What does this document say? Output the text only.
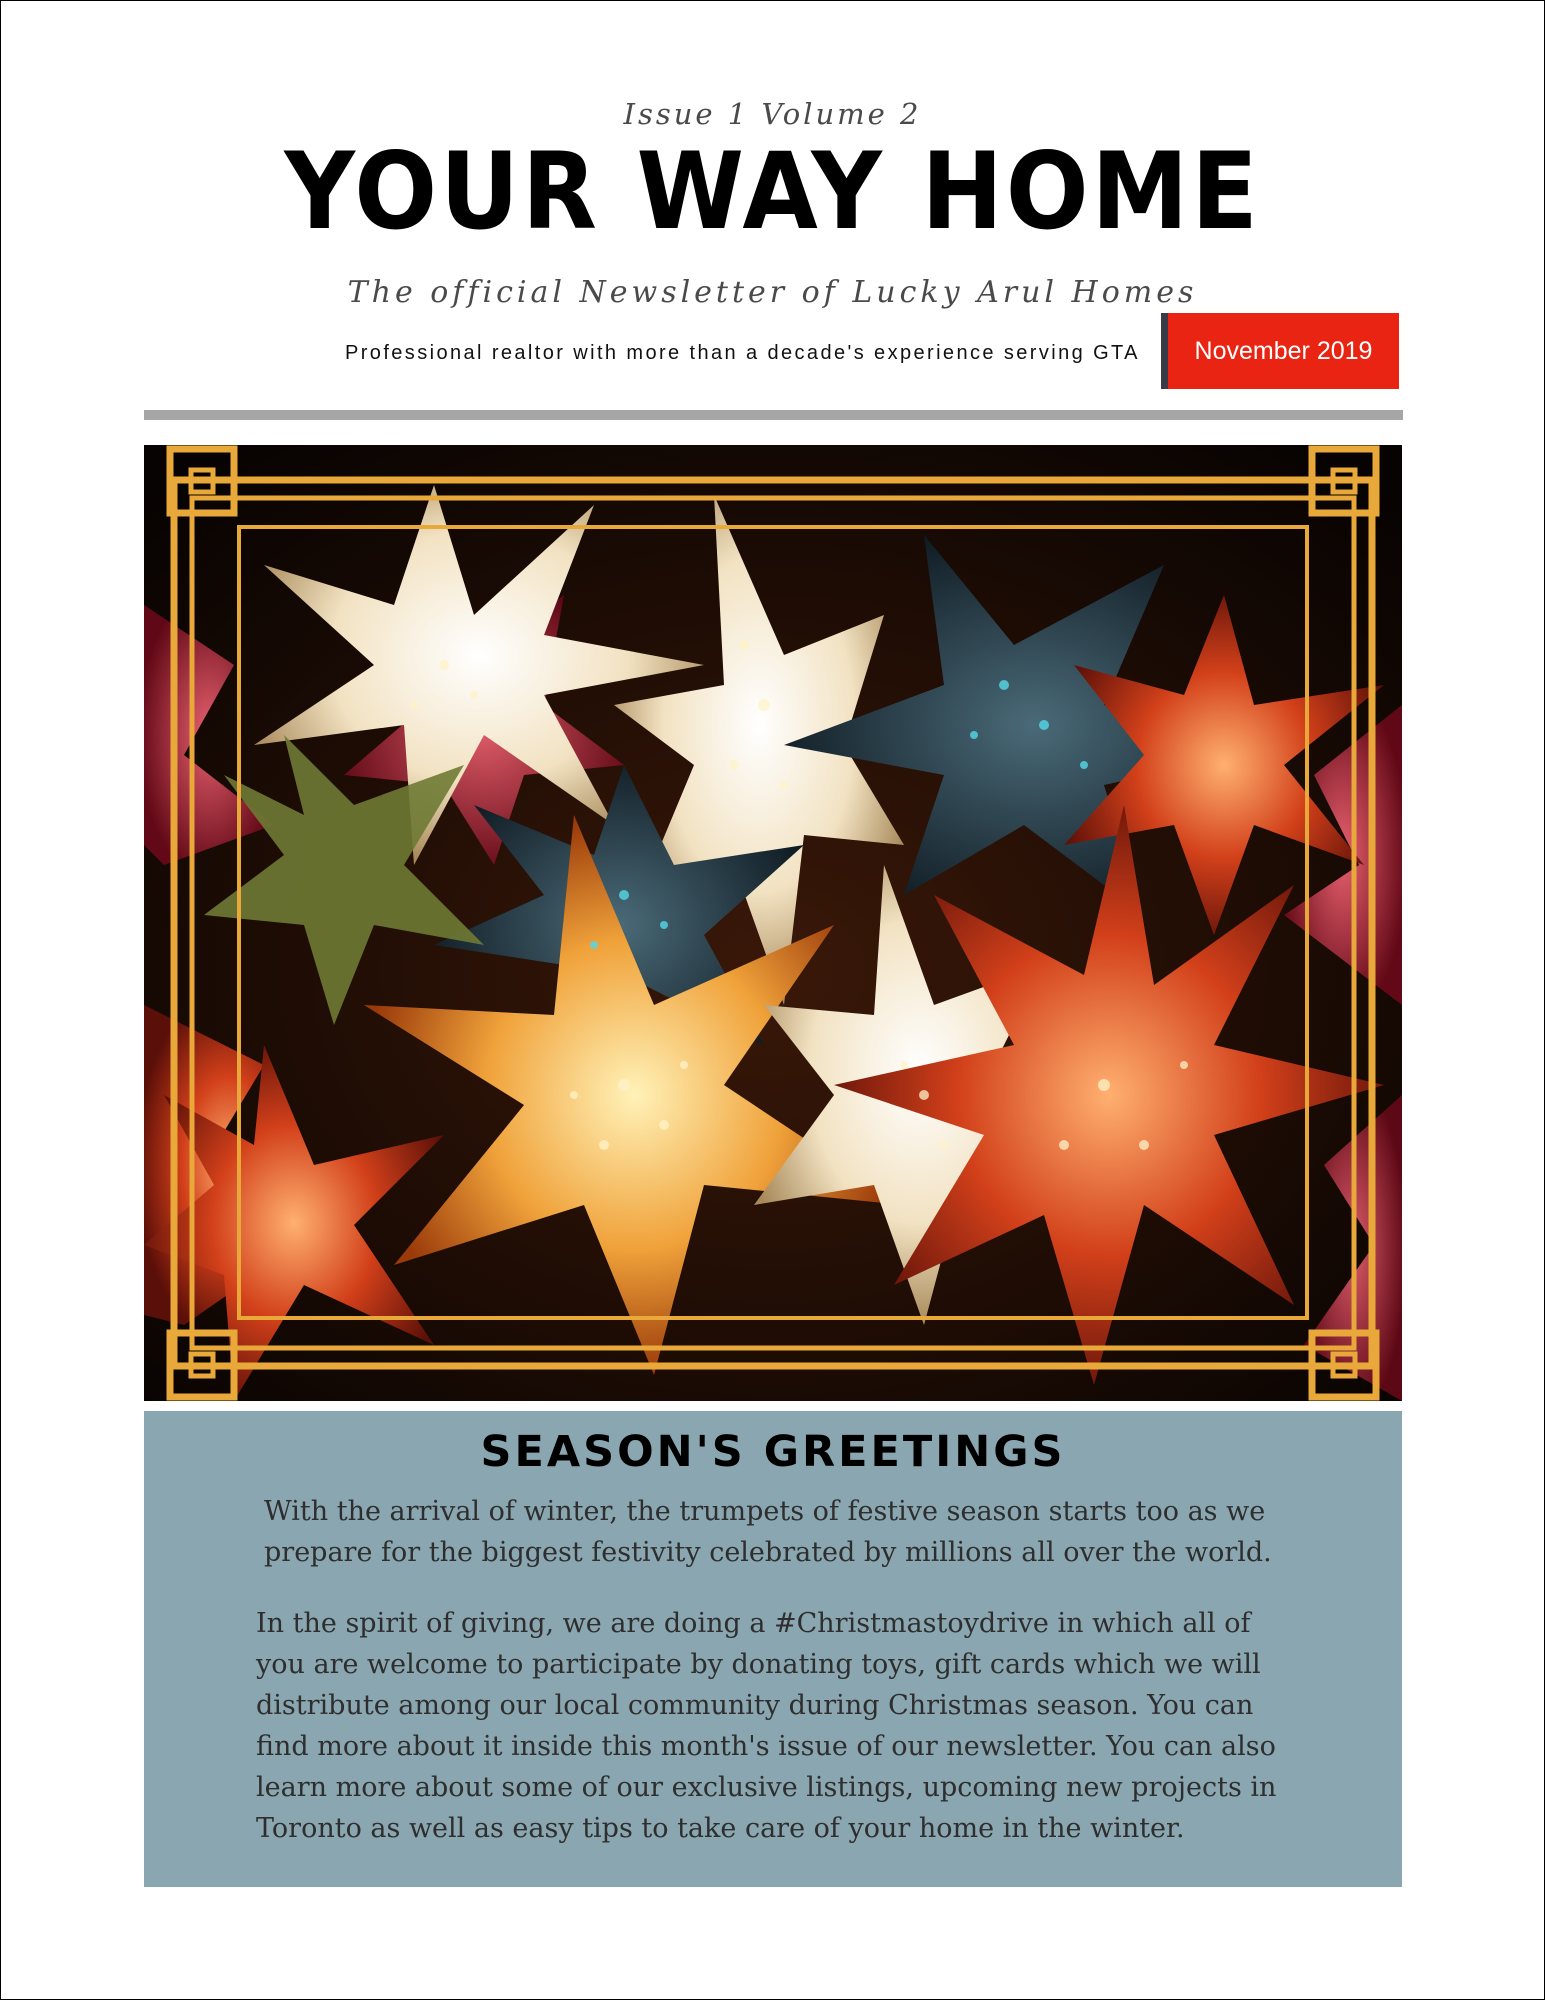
Issue 1 Volume 2
YOUR WAY HOME
The official Newsletter of Lucky Arul Homes
Professional realtor with more than a decade's experience serving GTA	November 2019
SEASON'S GREETINGS
With the arrival of winter, the trumpets of festive season starts too as we prepare for the biggest festivity celebrated by millions all over the world.
In the spirit of giving, we are doing a #Christmastoydrive in which all of you are welcome to participate by donating toys, gift cards which we will distribute among our local community during Christmas season. You can find more about it inside this month's issue of our newsletter. You can also learn more about some of our exclusive listings, upcoming new projects in Toronto as well as easy tips to take care of your home in the winter.
